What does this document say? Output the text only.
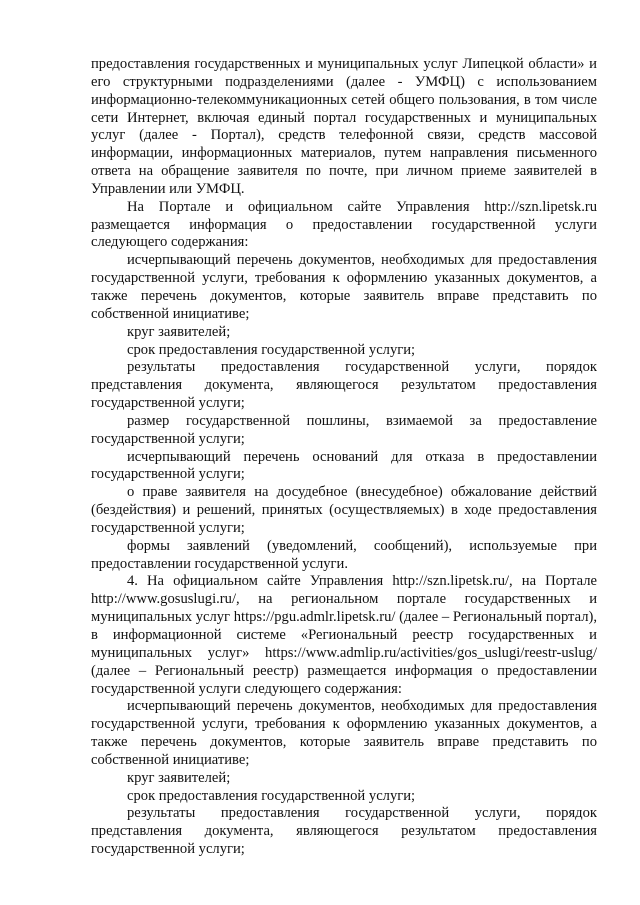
предоставления государственных и муниципальных услуг Липецкой области» и его структурными подразделениями (далее - УМФЦ) с использованием информационно-телекоммуникационных сетей общего пользования, в том числе сети Интернет, включая единый портал государственных и муниципальных услуг (далее - Портал), средств телефонной связи, средств массовой информации, информационных материалов, путем направления письменного ответа на обращение заявителя по почте, при личном приеме заявителей в Управлении или УМФЦ.

На Портале и официальном сайте Управления http://szn.lipetsk.ru размещается информация о предоставлении государственной услуги следующего содержания:

исчерпывающий перечень документов, необходимых для предоставления государственной услуги, требования к оформлению указанных документов, а также перечень документов, которые заявитель вправе представить по собственной инициативе;

круг заявителей;

срок предоставления государственной услуги;

результаты предоставления государственной услуги, порядок представления документа, являющегося результатом предоставления государственной услуги;

размер государственной пошлины, взимаемой за предоставление государственной услуги;

исчерпывающий перечень оснований для отказа в предоставлении государственной услуги;

о праве заявителя на досудебное (внесудебное) обжалование действий (бездействия) и решений, принятых (осуществляемых) в ходе предоставления государственной услуги;

формы заявлений (уведомлений, сообщений), используемые при предоставлении государственной услуги.

4. На официальном сайте Управления http://szn.lipetsk.ru/, на Портале http://www.gosuslugi.ru/, на региональном портале государственных и муниципальных услуг https://pgu.admlr.lipetsk.ru/ (далее – Региональный портал), в информационной системе «Региональный реестр государственных и муниципальных услуг» https://www.admlip.ru/activities/gos_uslugi/reestr-uslug/ (далее – Региональный реестр) размещается информация о предоставлении государственной услуги следующего содержания:

исчерпывающий перечень документов, необходимых для предоставления государственной услуги, требования к оформлению указанных документов, а также перечень документов, которые заявитель вправе представить по собственной инициативе;

круг заявителей;

срок предоставления государственной услуги;

результаты предоставления государственной услуги, порядок представления документа, являющегося результатом предоставления государственной услуги;
